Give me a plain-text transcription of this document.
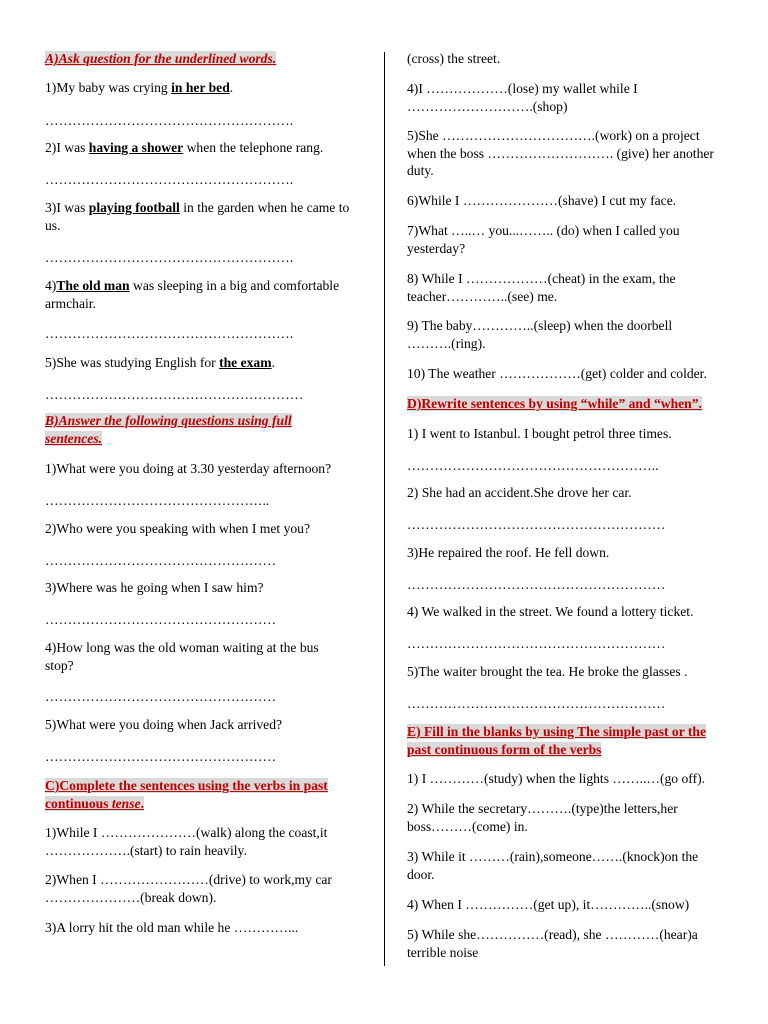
A)Ask question for the underlined words.

1)My baby was crying in her bed.

……………………………………………….

2)I was having a shower when the telephone rang.

……………………………………………….

3)I was playing football in the garden when he came to us.

……………………………………………….

4)The old man was sleeping in a big and comfortable armchair.

……………………………………………….

5)She was studying English for the exam.

…………………………………………………

B)Answer the following questions using full

sentences.

1)What were you doing at 3.30 yesterday afternoon?

…………………………………………..

2)Who were you speaking with when I met you?

……………………………………………

3)Where was he going when I saw him?

……………………………………………

4)How long was the old woman waiting at the bus stop?

……………………………………………

5)What were you doing when Jack arrived?

……………………………………………

C)Complete the sentences using the verbs in past

continuous tense.

1)While I …………………(walk) along the coast,it ……………….(start) to rain heavily.

2)When I ……………………(drive) to work,my car …………………(break down).

3)A lorry hit the old man while he …………...

(cross) the street.

4)I ………………(lose) my wallet while I ……………………….(shop)

5)She …………………………….(work) on a project when the boss ………………………. (give) her another duty.

6)While I …………………(shave) I cut my face.

7)What …..… you...…….. (do) when I called you yesterday?

8) While I ………………(cheat) in the exam, the teacher…………..(see) me.

9) The baby…………..(sleep) when the doorbell ……….(ring).

10) The weather ………………(get) colder and colder.

D)Rewrite sentences by using “while” and “when”.

1) I went to Istanbul. I bought petrol three times.

………………………………………………..

2) She had an accident.She drove her car.

…………………………………………………

3)He repaired the roof. He fell down.

…………………………………………………

4) We walked in the street. We found a lottery ticket.

…………………………………………………

5)The waiter brought the tea. He broke the glasses .

…………………………………………………

E) Fill in the blanks by using The simple past or the

past continuous form of the verbs

1) I …………(study) when the lights ……..…(go off).

2) While the secretary……….(type)the letters,her boss………(come) in.

3) While it ………(rain),someone…….(knock)on the door.

4) When I ……………(get up), it…………..(snow)

5) While she……………(read), she …………(hear)a terrible noise
